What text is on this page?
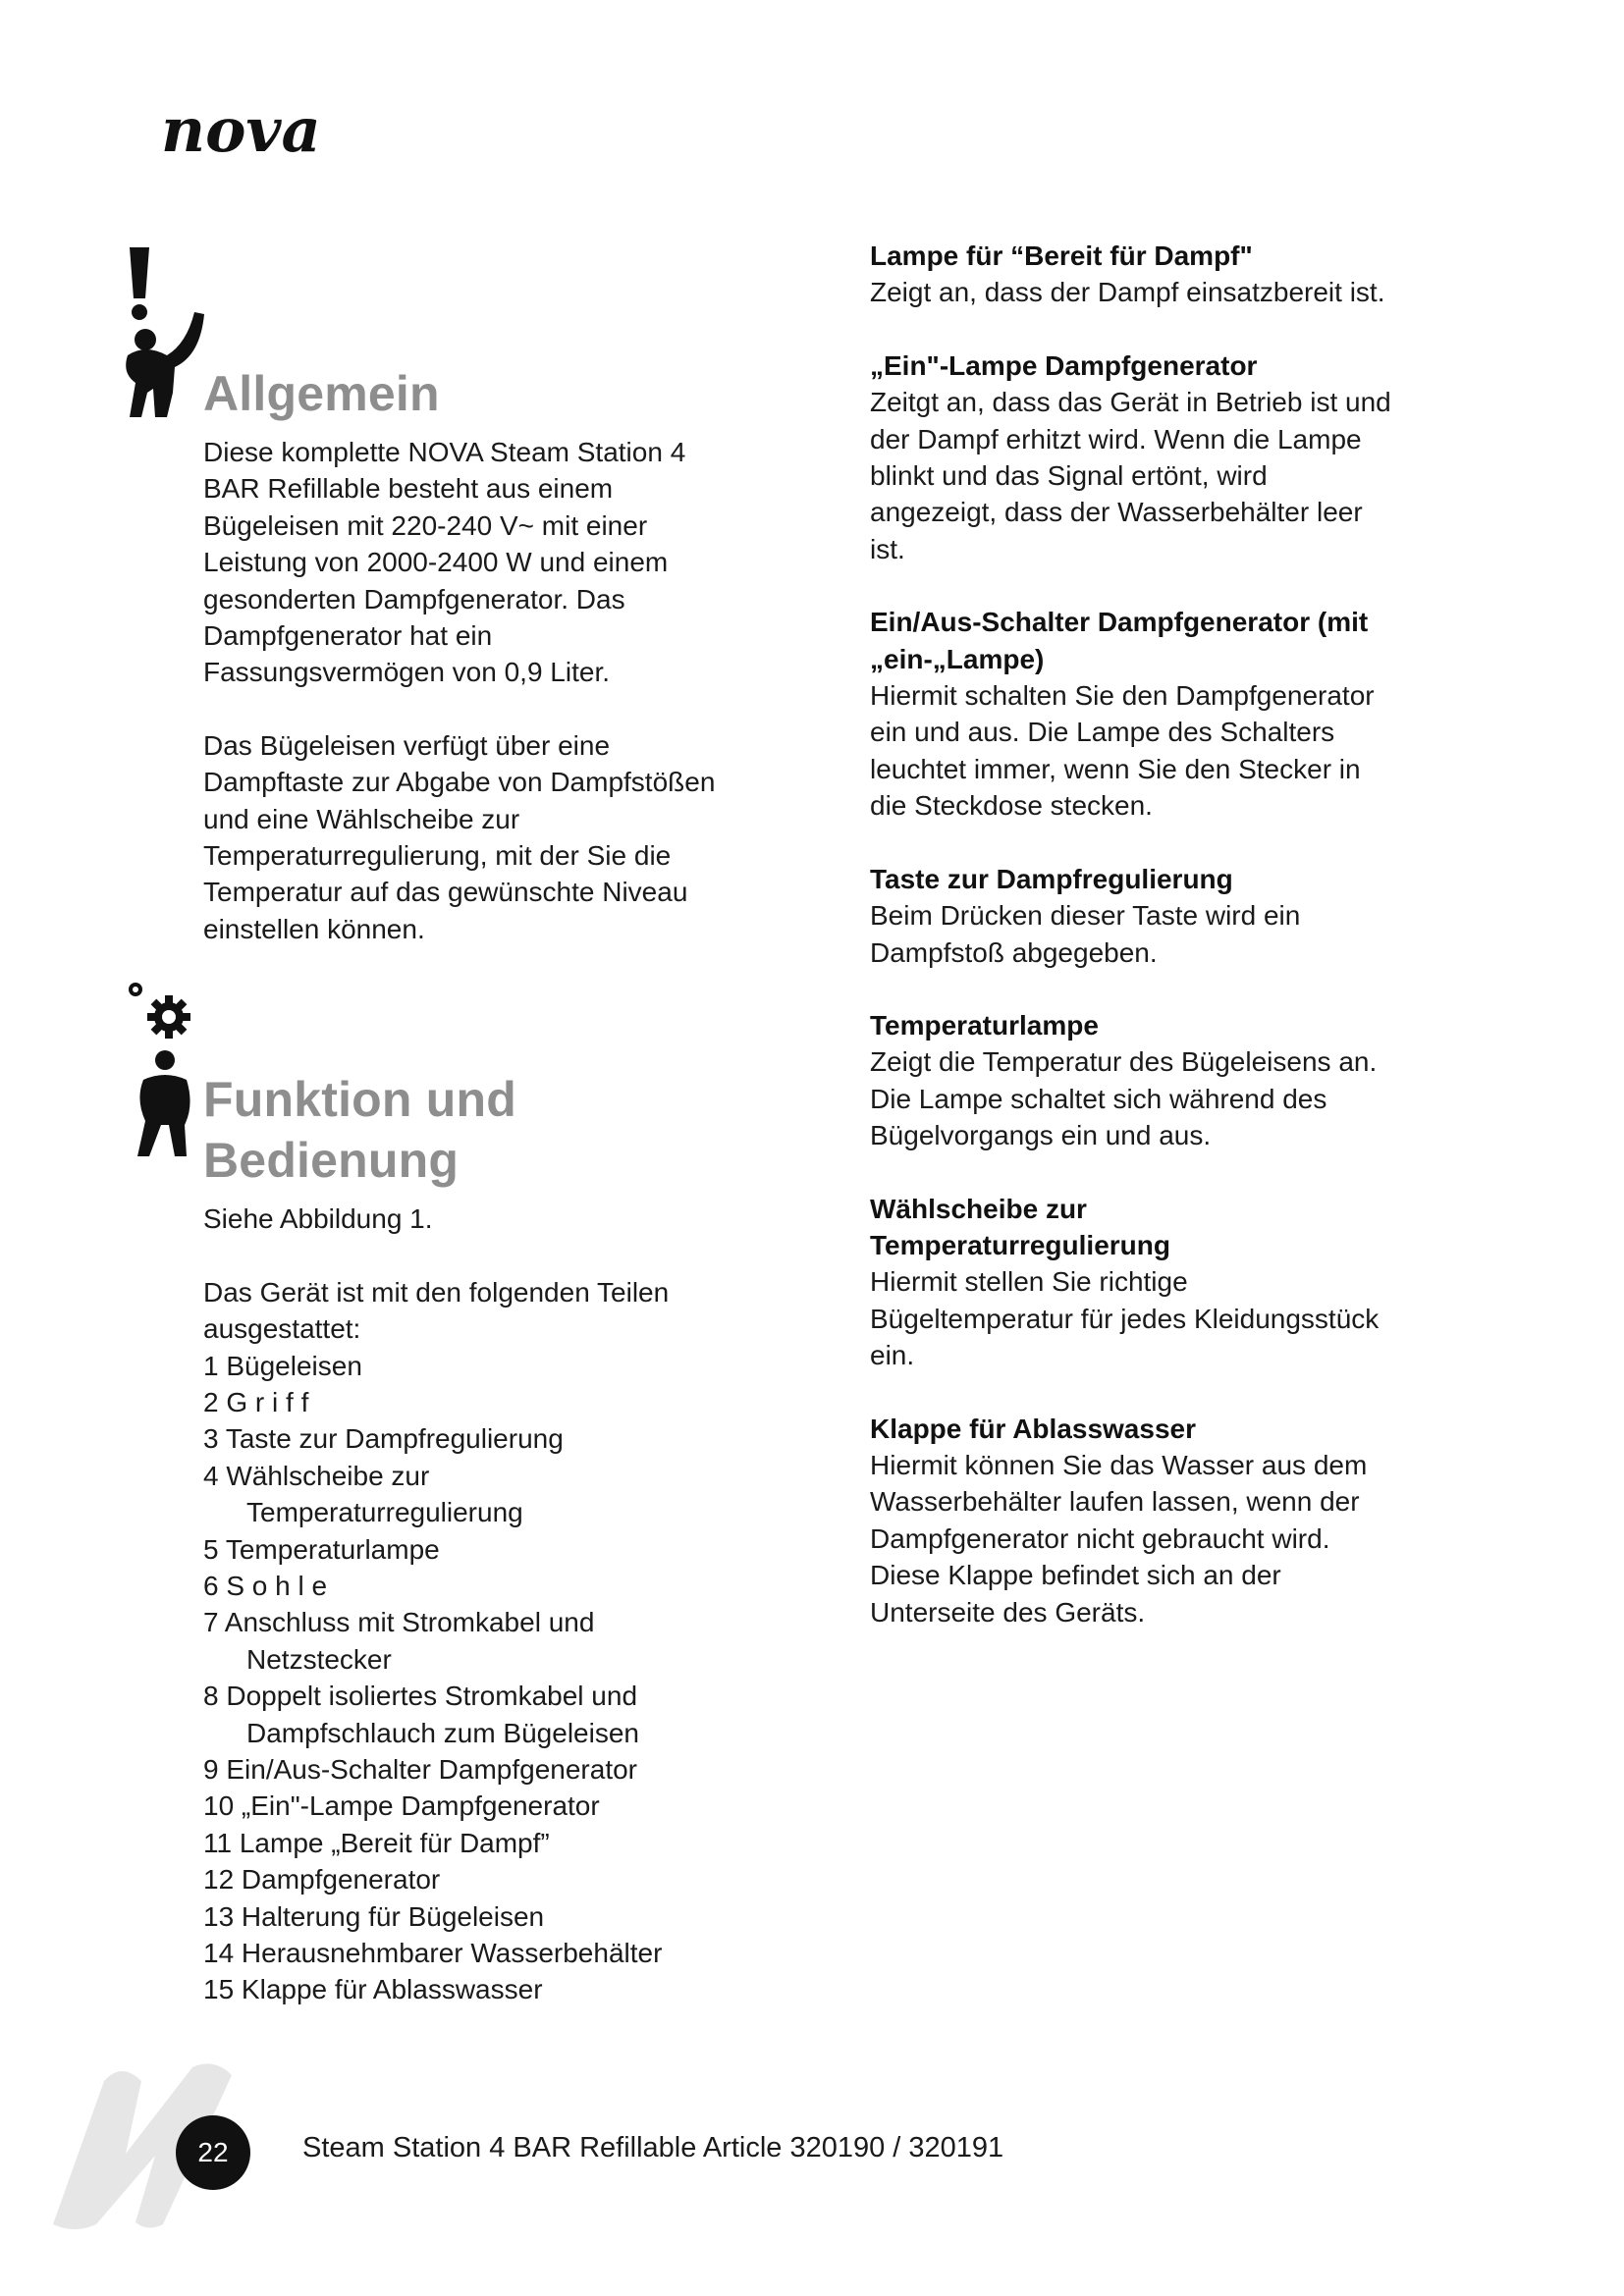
nova
Allgemein

Diese komplette NOVA Steam Station 4

BAR Refillable besteht aus einem

Bügeleisen mit 220-240 V~ mit einer

Leistung von 2000-2400 W und einem

gesonderten Dampfgenerator. Das

Dampfgenerator hat ein

Fassungsvermögen von 0,9 Liter.

Das Bügeleisen verfügt über eine

Dampftaste zur Abgabe von Dampfstößen

und eine Wählscheibe zur

Temperaturregulierung, mit der Sie die

Temperatur auf das gewünschte Niveau

einstellen können.

Funktion und
Bedienung

Siehe Abbildung 1.

Das Gerät ist mit den folgenden Teilen

ausgestattet:

1 Bügeleisen
2 G r i f f
3 Taste zur Dampfregulierung
4 Wählscheibe zur
Temperaturregulierung
5 Temperaturlampe
6 S o h l e
7 Anschluss mit Stromkabel und
Netzstecker
8 Doppelt isoliertes Stromkabel und
Dampfschlauch zum Bügeleisen
9 Ein/Aus-Schalter Dampfgenerator
10 „Ein"-Lampe Dampfgenerator
11 Lampe „Bereit für Dampf”
12 Dampfgenerator
13 Halterung für Bügeleisen
14 Herausnehmbarer Wasserbehälter
15 Klappe für Ablasswasser

Lampe für “Bereit für Dampf"

Zeigt an, dass der Dampf einsatzbereit ist.

„Ein"-Lampe Dampfgenerator

Zeitgt an, dass das Gerät in Betrieb ist und

der Dampf erhitzt wird. Wenn die Lampe

blinkt und das Signal ertönt, wird

angezeigt, dass der Wasserbehälter leer

ist.

Ein/Aus-Schalter Dampfgenerator (mit

„ein-„Lampe)

Hiermit schalten Sie den Dampfgenerator

ein und aus. Die Lampe des Schalters

leuchtet immer, wenn Sie den Stecker in

die Steckdose stecken.

Taste zur Dampfregulierung

Beim Drücken dieser Taste wird ein

Dampfstoß abgegeben.

Temperaturlampe

Zeigt die Temperatur des Bügeleisens an.

Die Lampe schaltet sich während des

Bügelvorgangs ein und aus.

Wählscheibe zur

Temperaturregulierung

Hiermit stellen Sie richtige

Bügeltemperatur für jedes Kleidungsstück

ein.

Klappe für Ablasswasser

Hiermit können Sie das Wasser aus dem

Wasserbehälter laufen lassen, wenn der

Dampfgenerator nicht gebraucht wird.

Diese Klappe befindet sich an der

Unterseite des Geräts.

22	Steam Station 4 BAR Refillable Article 320190 / 320191
